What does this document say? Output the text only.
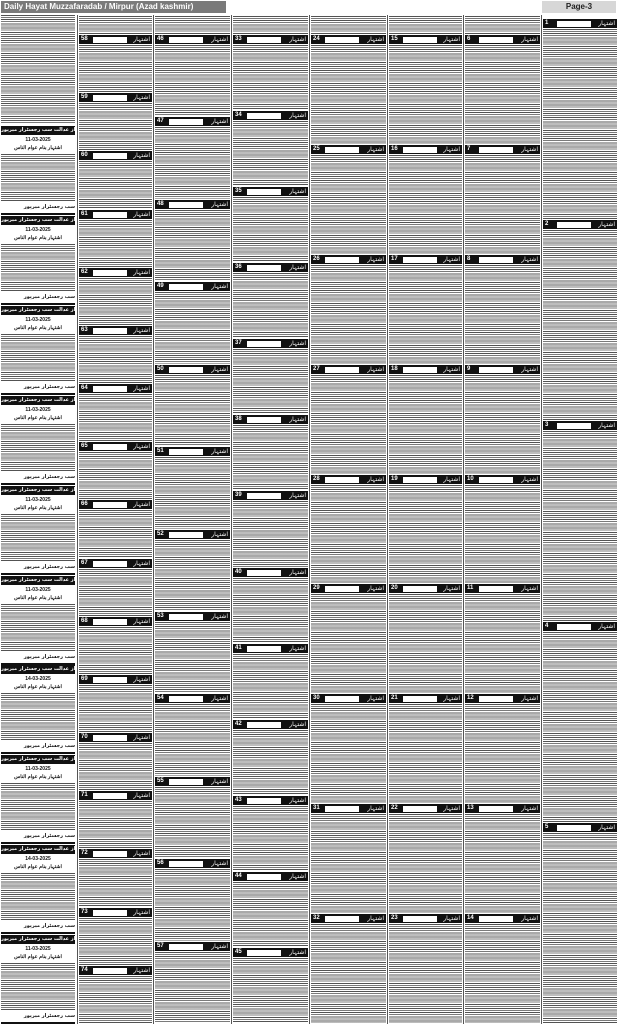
Daily Hayat Muzzafaradab / Mirpur (Azad kashmir)	Page-3
از عدالت سب رجسٹرار میرپور
11-03-2025
اشتہار بنام عوام الناس
سب رجسٹرار میرپور
از عدالت سب رجسٹرار میرپور
11-03-2025
اشتہار بنام عوام الناس
سب رجسٹرار میرپور
از عدالت سب رجسٹرار میرپور
11-03-2025
اشتہار بنام عوام الناس
سب رجسٹرار میرپور
از عدالت سب رجسٹرار میرپور
11-03-2025
اشتہار بنام عوام الناس
سب رجسٹرار میرپور
از عدالت سب رجسٹرار میرپور
11-03-2025
اشتہار بنام عوام الناس
سب رجسٹرار میرپور
از عدالت سب رجسٹرار میرپور
11-03-2025
اشتہار بنام عوام الناس
سب رجسٹرار میرپور
از عدالت سب رجسٹرار میرپور
14-03-2025
اشتہار بنام عوام الناس
سب رجسٹرار میرپور
از عدالت سب رجسٹرار میرپور
11-03-2025
اشتہار بنام عوام الناس
سب رجسٹرار میرپور
از عدالت سب رجسٹرار میرپور
14-03-2025
اشتہار بنام عوام الناس
سب رجسٹرار میرپور
از عدالت سب رجسٹرار میرپور
11-03-2025
اشتہار بنام عوام الناس
سب رجسٹرار میرپور
58	اشتہار
59	اشتہار
60	اشتہار
61	اشتہار
62	اشتہار
63	اشتہار
64	اشتہار
65	اشتہار
66	اشتہار
67	اشتہار
68	اشتہار
69	اشتہار
70	اشتہار
71	اشتہار
72	اشتہار
73	اشتہار
74	اشتہار
46	اشتہار
47	اشتہار
48	اشتہار
49	اشتہار
50	اشتہار
51	اشتہار
52	اشتہار
53	اشتہار
54	اشتہار
55	اشتہار
56	اشتہار
57	اشتہار
33	اشتہار
34	اشتہار
35	اشتہار
36	اشتہار
37	اشتہار
38	اشتہار
39	اشتہار
40	اشتہار
41	اشتہار
42	اشتہار
43	اشتہار
44	اشتہار
45	اشتہار
24	اشتہار
25	اشتہار
26	اشتہار
27	اشتہار
28	اشتہار
29	اشتہار
30	اشتہار
31	اشتہار
32	اشتہار
15	اشتہار
16	اشتہار
17	اشتہار
18	اشتہار
19	اشتہار
20	اشتہار
21	اشتہار
22	اشتہار
23	اشتہار
6	اشتہار
7	اشتہار
8	اشتہار
9	اشتہار
10	اشتہار
11	اشتہار
12	اشتہار
13	اشتہار
14	اشتہار
1	اشتہار
2	اشتہار
3	اشتہار
4	اشتہار
5	اشتہار
